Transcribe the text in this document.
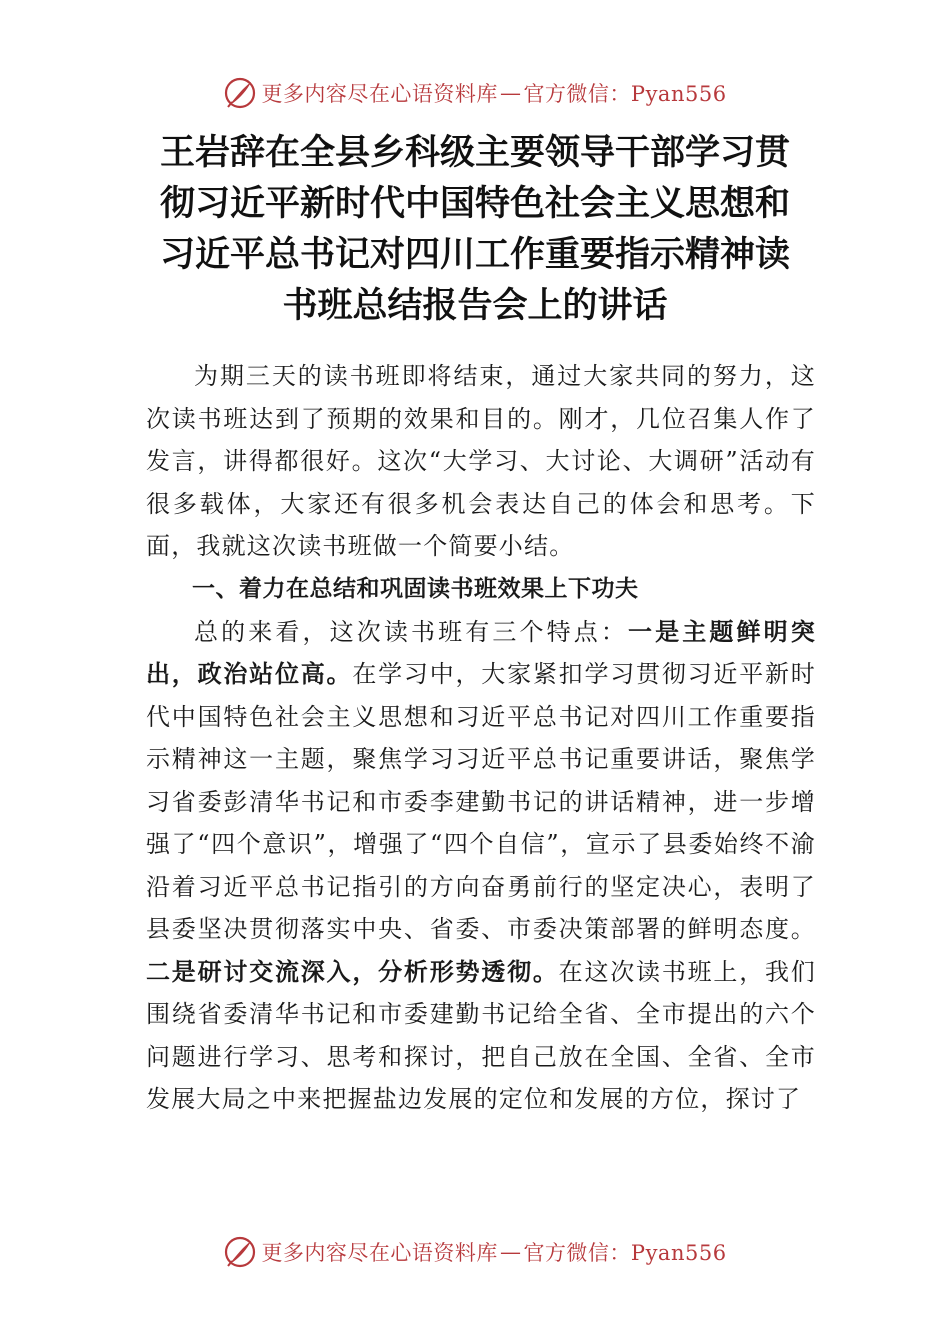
更多内容尽在心语资料库 — 官方微信：Pyan556
王岩辞在全县乡科级主要领导干部学习贯彻习近平新时代中国特色社会主义思想和习近平总书记对四川工作重要指示精神读书班总结报告会上的讲话

为期三天的读书班即将结束，通过大家共同的努力，这次读书班达到了预期的效果和目的。刚才，几位召集人作了发言，讲得都很好。这次“大学习、大讨论、大调研”活动有很多载体，大家还有很多机会表达自己的体会和思考。下面，我就这次读书班做一个简要小结。

一、着力在总结和巩固读书班效果上下功夫

总的来看，这次读书班有三个特点：一是主题鲜明突出，政治站位高。在学习中，大家紧扣学习贯彻习近平新时代中国特色社会主义思想和习近平总书记对四川工作重要指示精神这一主题，聚焦学习习近平总书记重要讲话，聚焦学习省委彭清华书记和市委李建勤书记的讲话精神，进一步增强了“四个意识”，增强了“四个自信”，宣示了县委始终不渝沿着习近平总书记指引的方向奋勇前行的坚定决心，表明了县委坚决贯彻落实中央、省委、市委决策部署的鲜明态度。 二是研讨交流深入，分析形势透彻。在这次读书班上，我们围绕省委清华书记和市委建勤书记给全省、全市提出的六个问题进行学习、思考和探讨，把自己放在全国、全省、全市发展大局之中来把握盐边发展的定位和发展的方位，探讨了

更多内容尽在心语资料库 — 官方微信：Pyan556
